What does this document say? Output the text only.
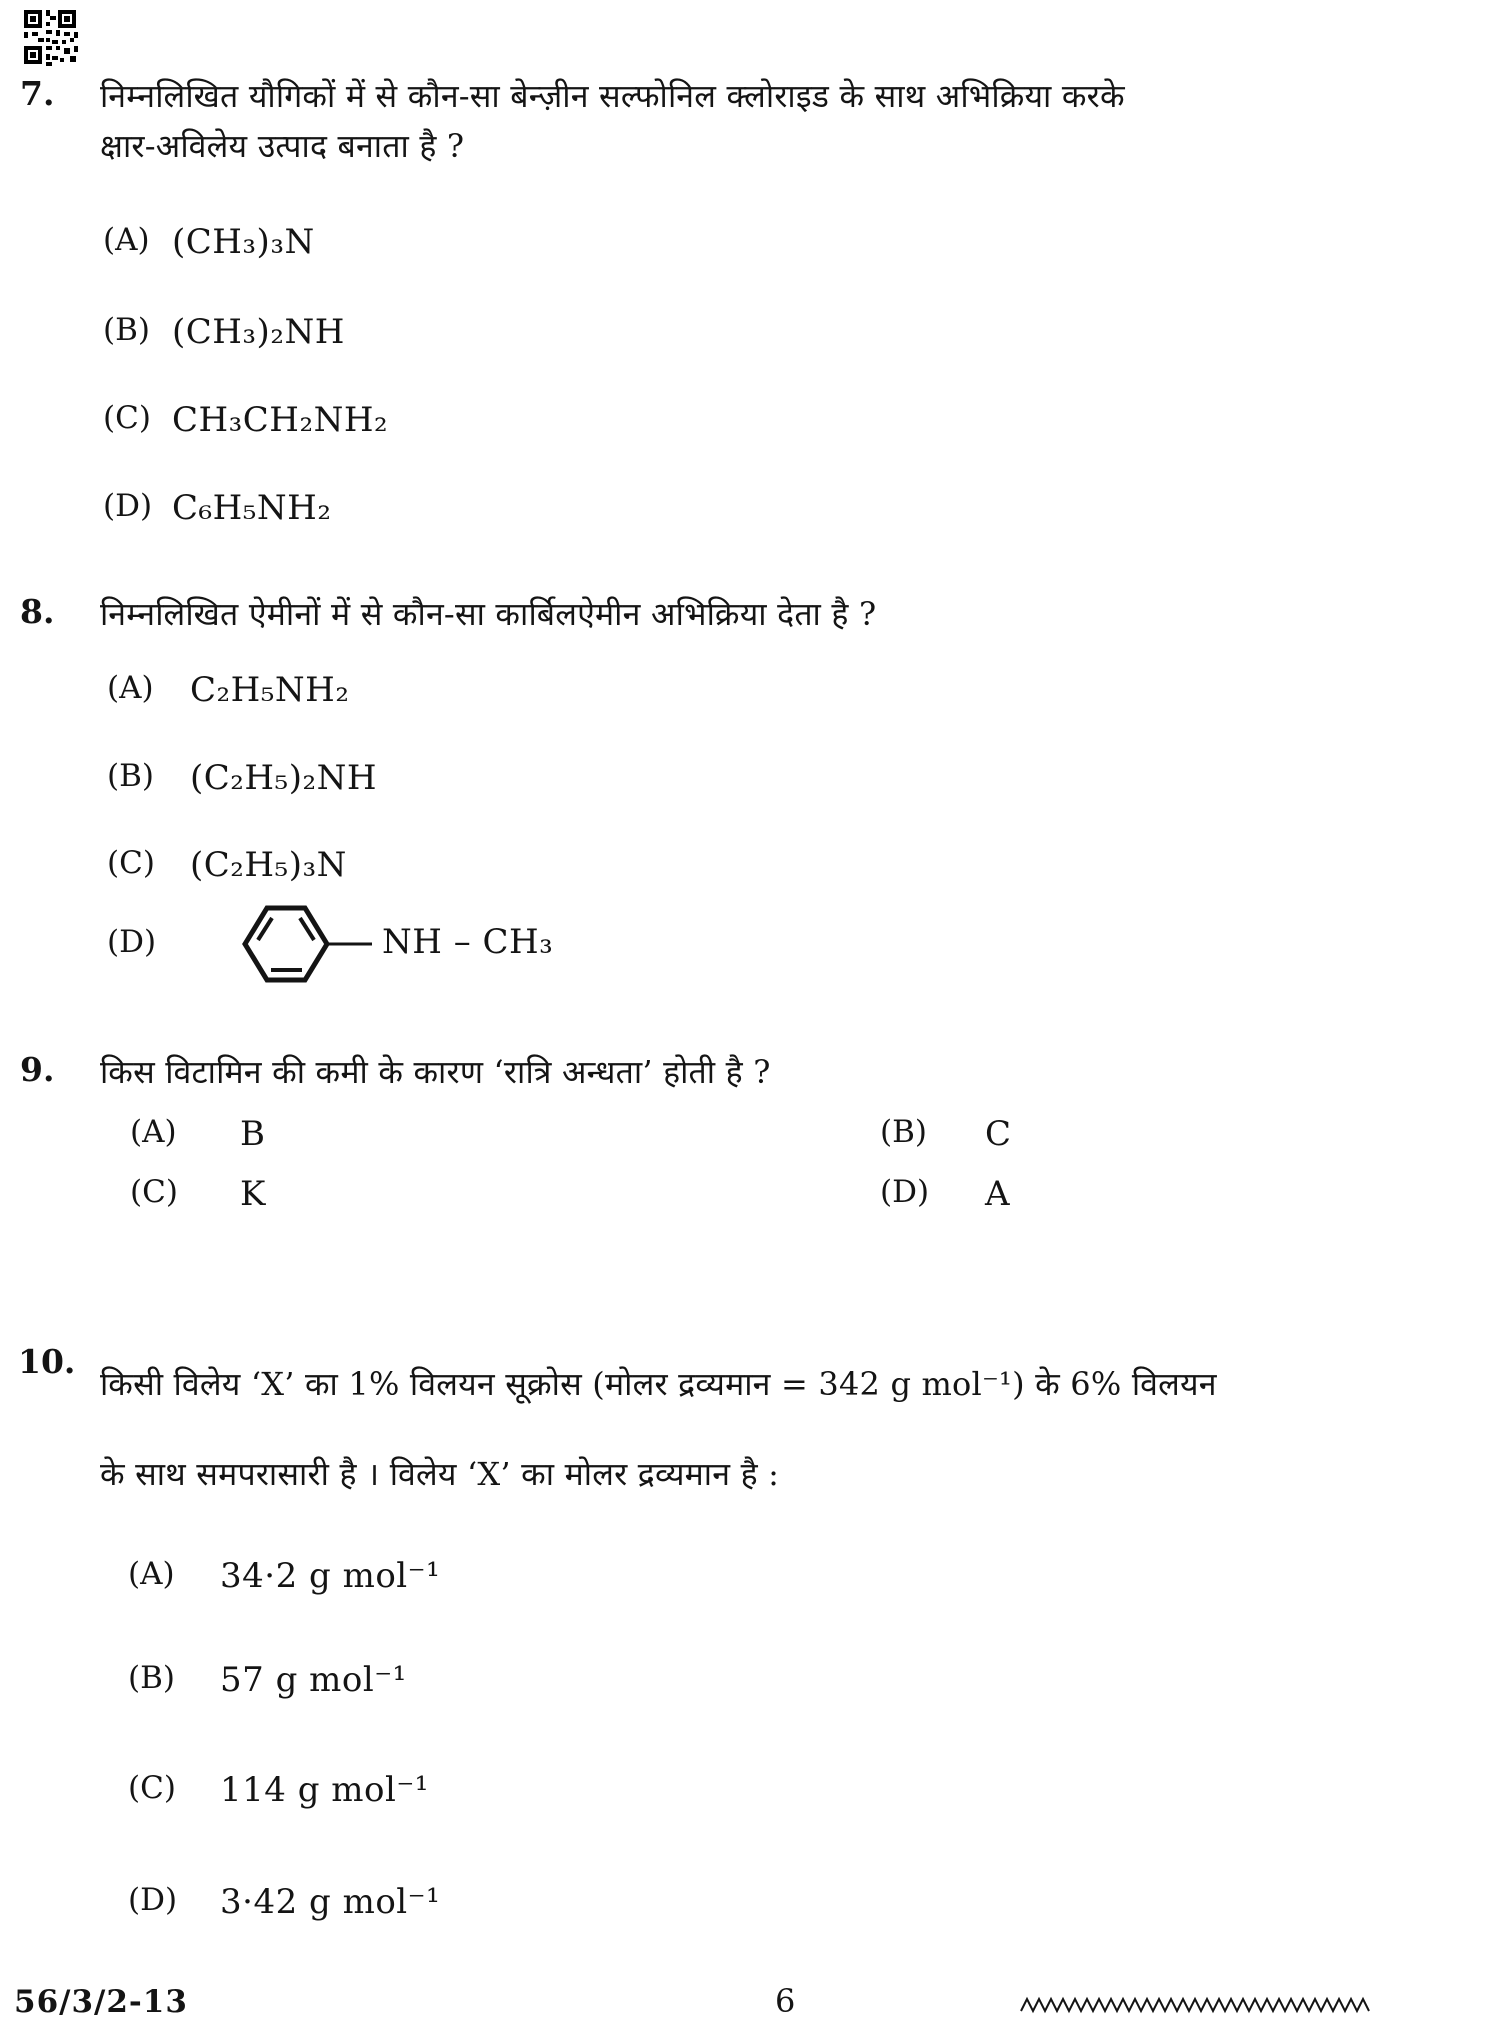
7. निम्नलिखित यौगिकों में से कौन-सा बेन्ज़ीन सल्फोनिल क्लोराइड के साथ अभिक्रिया करके
क्षार-अविलेय उत्पाद बनाता है ?
(A) (CH₃)₃N
(B) (CH₃)₂NH
(C) CH₃CH₂NH₂
(D) C₆H₅NH₂
8. निम्नलिखित ऐमीनों में से कौन-सा कार्बिलऐमीन अभिक्रिया देता है ?
(A)	C₂H₅NH₂
(B)	(C₂H₅)₂NH
(C)	(C₂H₅)₃N
(D)	NH – CH₃
9. किस विटामिन की कमी के कारण ‘रात्रि अन्धता’ होती है ?
(A)	B	(B)	C
(C)	K	(D)	A
10.
किसी विलेय ‘X’ का 1% विलयन सूक्रोस (मोलर द्रव्यमान = 342 g mol⁻¹) के 6% विलयन
के साथ समपरासारी है । विलेय ‘X’ का मोलर द्रव्यमान है :
(A)	34·2 g mol⁻¹
(B)	57 g mol⁻¹
(C)	114 g mol⁻¹
(D)	3·42 g mol⁻¹
56/3/2-13	6
